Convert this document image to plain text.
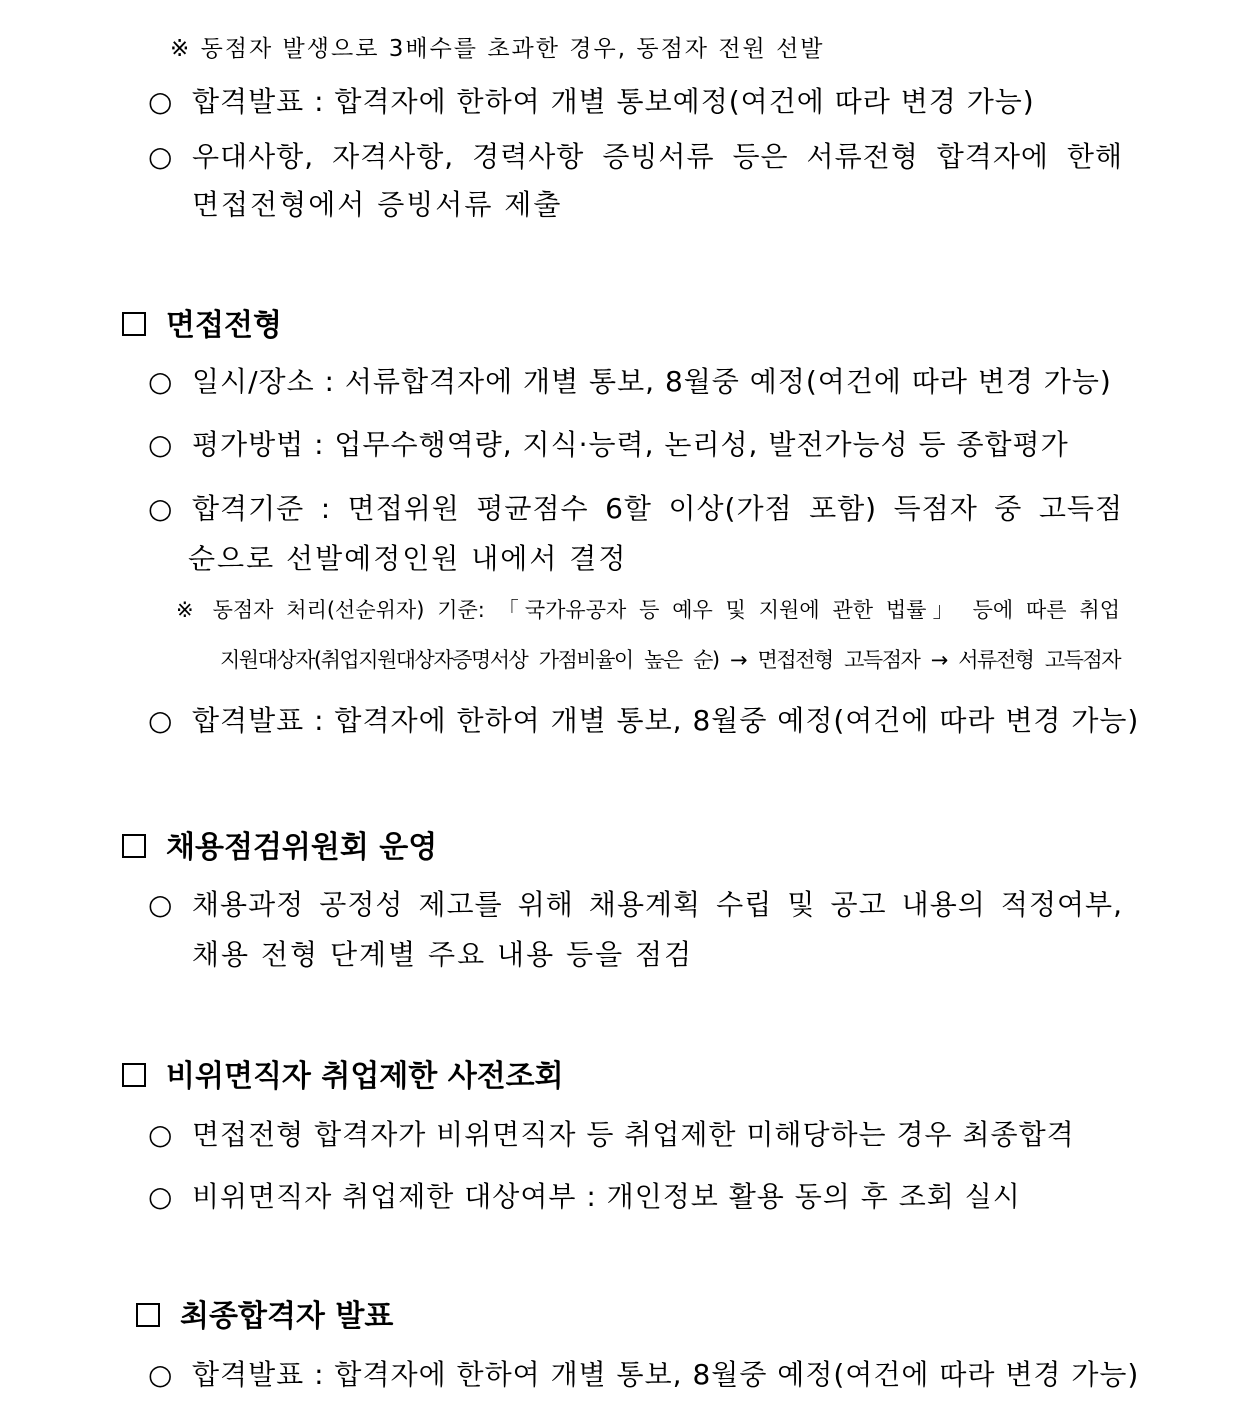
※ 동점자 발생으로 3배수를 초과한 경우, 동점자 전원 선발
○ 합격발표 : 합격자에 한하여 개별 통보예정(여건에 따라 변경 가능)
○ 우대사항, 자격사항, 경력사항 증빙서류 등은 서류전형 합격자에 한해
면접전형에서 증빙서류 제출
면접전형
○ 일시/장소 : 서류합격자에 개별 통보, 8월중 예정(여건에 따라 변경 가능)
○ 평가방법 : 업무수행역량, 지식·능력, 논리성, 발전가능성 등 종합평가
○ 합격기준 : 면접위원 평균점수 6할 이상(가점 포함) 득점자 중 고득점
순으로 선발예정인원 내에서 결정
※ 동점자 처리(선순위자) 기준: 「국가유공자 등 예우 및 지원에 관한 법률」 등에 따른 취업
지원대상자(취업지원대상자증명서상 가점비율이 높은 순) → 면접전형 고득점자 → 서류전형 고득점자
○ 합격발표 : 합격자에 한하여 개별 통보, 8월중 예정(여건에 따라 변경 가능)
채용점검위원회 운영
○ 채용과정 공정성 제고를 위해 채용계획 수립 및 공고 내용의 적정여부,
채용 전형 단계별 주요 내용 등을 점검
비위면직자 취업제한 사전조회
○ 면접전형 합격자가 비위면직자 등 취업제한 미해당하는 경우 최종합격
○ 비위면직자 취업제한 대상여부 : 개인정보 활용 동의 후 조회 실시
최종합격자 발표
○ 합격발표 : 합격자에 한하여 개별 통보, 8월중 예정(여건에 따라 변경 가능)
